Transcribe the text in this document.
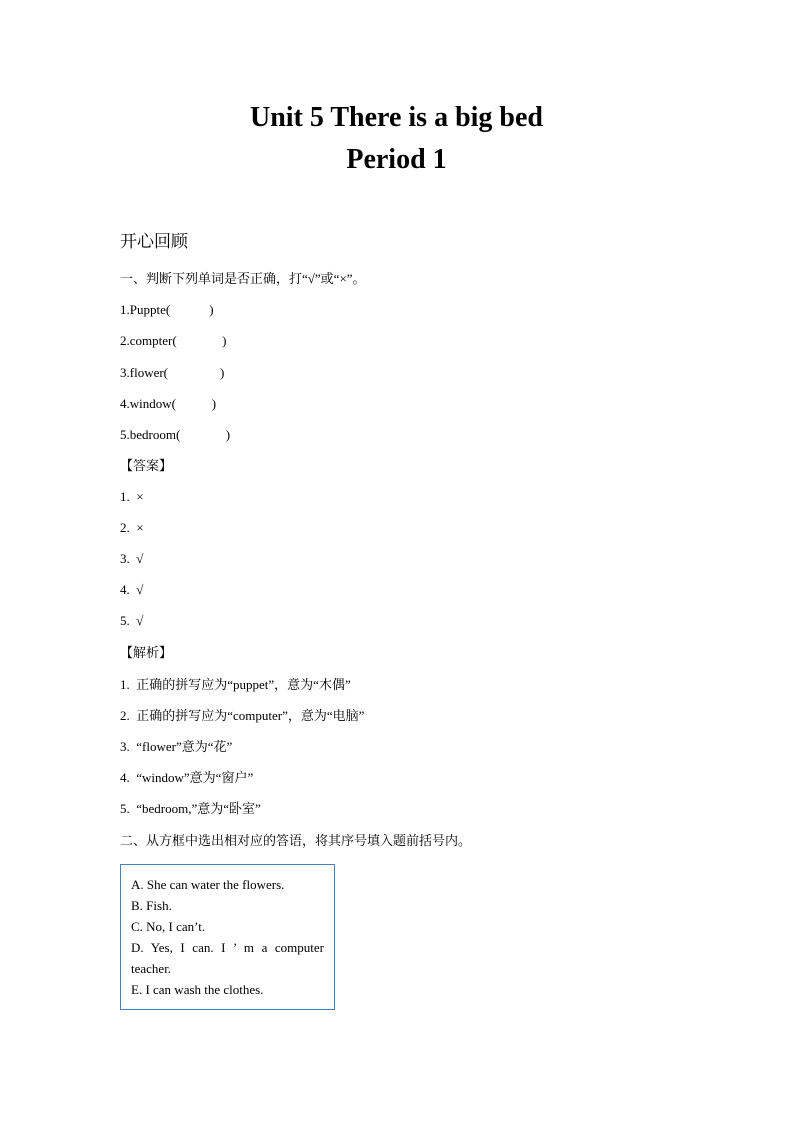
Unit 5 There is a big bed
Period 1
开心回顾
一、判断下列单词是否正确，打“√”或“×”。
1.Puppte(            )
2.compter(              )
3.flower(                )
4.window(           )
5.bedroom(              )
【答案】
1.  ×
2.  ×
3.  √
4.  √
5.  √
【解析】
1.  正确的拼写应为“puppet”，意为“木偶”
2.  正确的拼写应为“computer”，意为“电脑”
3.  “flower”意为“花”
4.  “window”意为“窗户”
5.  “bedroom,”意为“卧室”
二、从方框中选出相对应的答语，将其序号填入题前括号内。
A. She can water the flowers.
B. Fish.
C. No, I can’t.
D. Yes, I can. I ’ m a computer
teacher.
E. I can wash the clothes.
